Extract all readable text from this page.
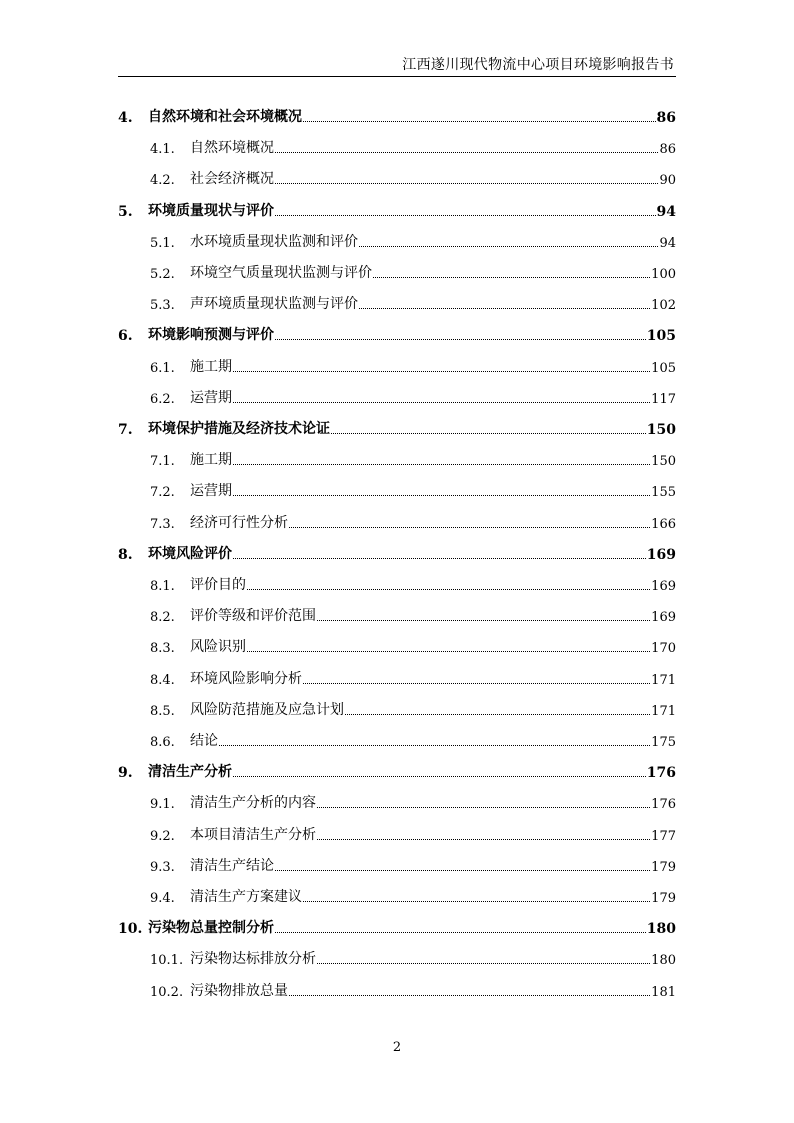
江西遂川现代物流中心项目环境影响报告书
4.	自然环境和社会环境概况	86
4.1.	自然环境概况	86
4.2.	社会经济概况	90
5.	环境质量现状与评价	94
5.1.	水环境质量现状监测和评价	94
5.2.	环境空气质量现状监测与评价	100
5.3.	声环境质量现状监测与评价	102
6.	环境影响预测与评价	105
6.1.	施工期	105
6.2.	运营期	117
7.	环境保护措施及经济技术论证	150
7.1.	施工期	150
7.2.	运营期	155
7.3.	经济可行性分析	166
8.	环境风险评价	169
8.1.	评价目的	169
8.2.	评价等级和评价范围	169
8.3.	风险识别	170
8.4.	环境风险影响分析	171
8.5.	风险防范措施及应急计划	171
8.6.	结论	175
9.	清洁生产分析	176
9.1.	清洁生产分析的内容	176
9.2.	本项目清洁生产分析	177
9.3.	清洁生产结论	179
9.4.	清洁生产方案建议	179
10. 污染物总量控制分析	180
10.1. 污染物达标排放分析	180
10.2. 污染物排放总量	181
2
